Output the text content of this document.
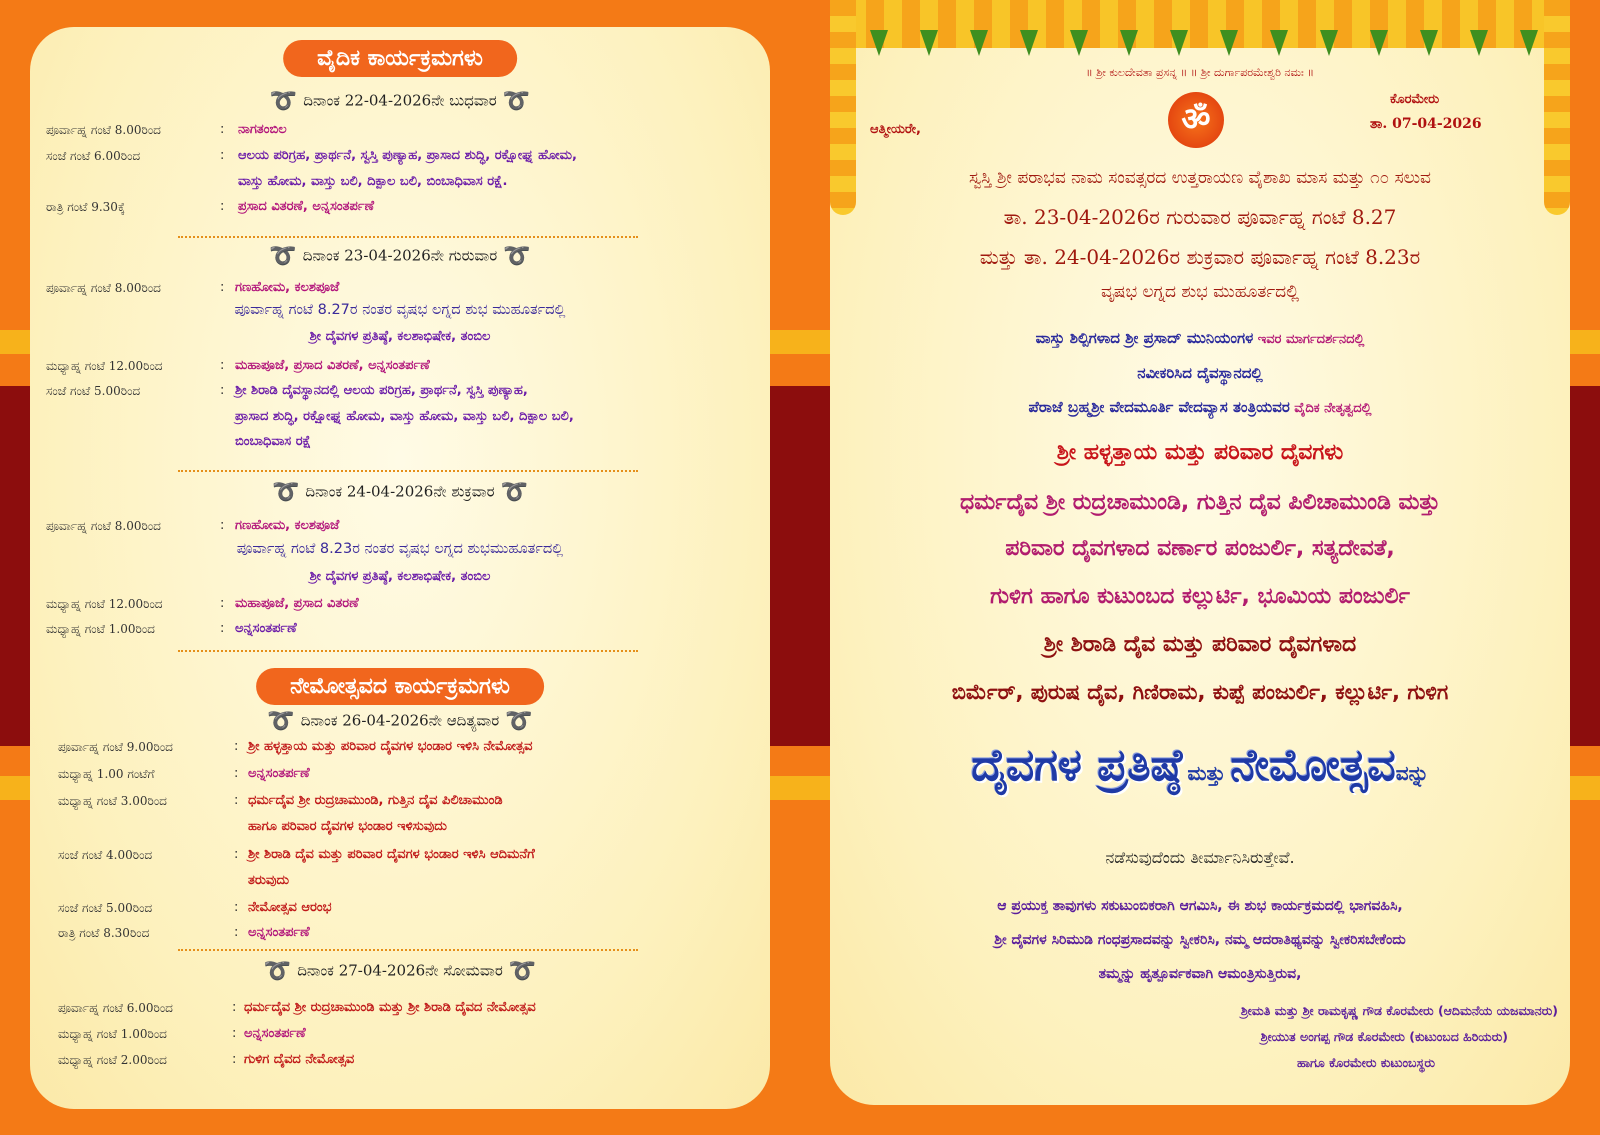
ವೈದಿಕ ಕಾರ್ಯಕ್ರಮಗಳು
➰ ದಿನಾಂಕ 22-04-2026ನೇ ಬುಧವಾರ ➰
ಪೂರ್ವಾಹ್ನ ಗಂಟೆ 8.00ರಿಂದ	: ನಾಗತಂಬಿಲ
ಸಂಜೆ ಗಂಟೆ 6.00ರಿಂದ	: ಆಲಯ ಪರಿಗ್ರಹ, ಪ್ರಾರ್ಥನೆ, ಸ್ವಸ್ತಿ ಪುಣ್ಯಾಹ, ಪ್ರಾಸಾದ ಶುದ್ಧಿ, ರಕ್ಷೋಘ್ನ ಹೋಮ,
ವಾಸ್ತು ಹೋಮ, ವಾಸ್ತು ಬಲಿ, ದಿಕ್ಪಾಲ ಬಲಿ, ಬಿಂಬಾಧಿವಾಸ ರಕ್ಷೆ.
ರಾತ್ರಿ ಗಂಟೆ 9.30ಕ್ಕೆ	: ಪ್ರಸಾದ ವಿತರಣೆ, ಅನ್ನಸಂತರ್ಪಣೆ
➰ ದಿನಾಂಕ 23-04-2026ನೇ ಗುರುವಾರ ➰
ಪೂರ್ವಾಹ್ನ ಗಂಟೆ 8.00ರಿಂದ	: ಗಣಹೋಮ, ಕಲಶಪೂಜೆ
ಪೂರ್ವಾಹ್ನ ಗಂಟೆ 8.27ರ ನಂತರ ವೃಷಭ ಲಗ್ನದ ಶುಭ ಮುಹೂರ್ತದಲ್ಲಿ
ಶ್ರೀ ದೈವಗಳ ಪ್ರತಿಷ್ಠೆ, ಕಲಶಾಭಿಷೇಕ, ತಂಬಿಲ
ಮಧ್ಯಾಹ್ನ ಗಂಟೆ 12.00ರಿಂದ	: ಮಹಾಪೂಜೆ, ಪ್ರಸಾದ ವಿತರಣೆ, ಅನ್ನಸಂತರ್ಪಣೆ
ಸಂಜೆ ಗಂಟೆ 5.00ರಿಂದ	: ಶ್ರೀ ಶಿರಾಡಿ ದೈವಸ್ಥಾನದಲ್ಲಿ ಆಲಯ ಪರಿಗ್ರಹ, ಪ್ರಾರ್ಥನೆ, ಸ್ವಸ್ತಿ ಪುಣ್ಯಾಹ,
ಪ್ರಾಸಾದ ಶುದ್ಧಿ, ರಕ್ಷೋಘ್ನ ಹೋಮ, ವಾಸ್ತು ಹೋಮ, ವಾಸ್ತು ಬಲಿ, ದಿಕ್ಪಾಲ ಬಲಿ,
ಬಿಂಬಾಧಿವಾಸ ರಕ್ಷೆ
➰ ದಿನಾಂಕ 24-04-2026ನೇ ಶುಕ್ರವಾರ ➰
ಪೂರ್ವಾಹ್ನ ಗಂಟೆ 8.00ರಿಂದ	: ಗಣಹೋಮ, ಕಲಶಪೂಜೆ
ಪೂರ್ವಾಹ್ನ ಗಂಟೆ 8.23ರ ನಂತರ ವೃಷಭ ಲಗ್ನದ ಶುಭಮುಹೂರ್ತದಲ್ಲಿ
ಶ್ರೀ ದೈವಗಳ ಪ್ರತಿಷ್ಠೆ, ಕಲಶಾಭಿಷೇಕ, ತಂಬಿಲ
ಮಧ್ಯಾಹ್ನ ಗಂಟೆ 12.00ರಿಂದ	: ಮಹಾಪೂಜೆ, ಪ್ರಸಾದ ವಿತರಣೆ
ಮಧ್ಯಾಹ್ನ ಗಂಟೆ 1.00ರಿಂದ	: ಅನ್ನಸಂತರ್ಪಣೆ
ನೇಮೋತ್ಸವದ ಕಾರ್ಯಕ್ರಮಗಳು
➰ ದಿನಾಂಕ 26-04-2026ನೇ ಆದಿತ್ಯವಾರ ➰
ಪೂರ್ವಾಹ್ನ ಗಂಟೆ 9.00ರಿಂದ	: ಶ್ರೀ ಹಳ್ಳತ್ತಾಯ ಮತ್ತು ಪರಿವಾರ ದೈವಗಳ ಭಂಡಾರ ಇಳಿಸಿ ನೇಮೋತ್ಸವ
ಮಧ್ಯಾಹ್ನ 1.00 ಗಂಟೆಗೆ	: ಅನ್ನಸಂತರ್ಪಣೆ
ಮಧ್ಯಾಹ್ನ ಗಂಟೆ 3.00ರಿಂದ	: ಧರ್ಮದೈವ ಶ್ರೀ ರುದ್ರಚಾಮುಂಡಿ, ಗುತ್ತಿನ ದೈವ ಪಿಲಿಚಾಮುಂಡಿ
ಹಾಗೂ ಪರಿವಾರ ದೈವಗಳ ಭಂಡಾರ ಇಳಿಸುವುದು
ಸಂಜೆ ಗಂಟೆ 4.00ರಿಂದ	: ಶ್ರೀ ಶಿರಾಡಿ ದೈವ ಮತ್ತು ಪರಿವಾರ ದೈವಗಳ ಭಂಡಾರ ಇಳಿಸಿ ಆದಿಮನೆಗೆ
ತರುವುದು
ಸಂಜೆ ಗಂಟೆ 5.00ರಿಂದ	: ನೇಮೋತ್ಸವ ಆರಂಭ
ರಾತ್ರಿ ಗಂಟೆ 8.30ರಿಂದ	: ಅನ್ನಸಂತರ್ಪಣೆ
➰ ದಿನಾಂಕ 27-04-2026ನೇ ಸೋಮವಾರ ➰
ಪೂರ್ವಾಹ್ನ ಗಂಟೆ 6.00ರಿಂದ	: ಧರ್ಮದೈವ ಶ್ರೀ ರುದ್ರಚಾಮುಂಡಿ ಮತ್ತು ಶ್ರೀ ಶಿರಾಡಿ ದೈವದ ನೇಮೋತ್ಸವ
ಮಧ್ಯಾಹ್ನ ಗಂಟೆ 1.00ರಿಂದ	: ಅನ್ನಸಂತರ್ಪಣೆ
ಮಧ್ಯಾಹ್ನ ಗಂಟೆ 2.00ರಿಂದ	: ಗುಳಿಗ ದೈವದ ನೇಮೋತ್ಸವ
॥ ಶ್ರೀ ಕುಲದೇವತಾ ಪ್ರಸನ್ನ ॥ ॥ ಶ್ರೀ ದುರ್ಗಾಪರಮೇಶ್ವರಿ ನಮಃ ॥
ॐ
ಕೊರಮೇರು
ತಾ. 07-04-2026
ಆತ್ಮೀಯರೇ,
ಸ್ವಸ್ತಿ ಶ್ರೀ ಪರಾಭವ ನಾಮ ಸಂವತ್ಸರದ ಉತ್ತರಾಯಣ ವೈಶಾಖ ಮಾಸ ಮತ್ತು ೧೦ ಸಲುವ
ತಾ. 23-04-2026ರ ಗುರುವಾರ ಪೂರ್ವಾಹ್ನ ಗಂಟೆ 8.27
ಮತ್ತು ತಾ. 24-04-2026ರ ಶುಕ್ರವಾರ ಪೂರ್ವಾಹ್ನ ಗಂಟೆ 8.23ರ
ವೃಷಭ ಲಗ್ನದ ಶುಭ ಮುಹೂರ್ತದಲ್ಲಿ
ವಾಸ್ತು ಶಿಲ್ಪಿಗಳಾದ ಶ್ರೀ ಪ್ರಸಾದ್ ಮುನಿಯಂಗಳ ಇವರ ಮಾರ್ಗದರ್ಶನದಲ್ಲಿ
ನವೀಕರಿಸಿದ ದೈವಸ್ಥಾನದಲ್ಲಿ
ಪೆರಾಜೆ ಬ್ರಹ್ಮಶ್ರೀ ವೇದಮೂರ್ತಿ ವೇದವ್ಯಾಸ ತಂತ್ರಿಯವರ ವೈದಿಕ ನೇತೃತ್ವದಲ್ಲಿ
ಶ್ರೀ ಹಳ್ಳತ್ತಾಯ ಮತ್ತು ಪರಿವಾರ ದೈವಗಳು
ಧರ್ಮದೈವ ಶ್ರೀ ರುದ್ರಚಾಮುಂಡಿ, ಗುತ್ತಿನ ದೈವ ಪಿಲಿಚಾಮುಂಡಿ ಮತ್ತು
ಪರಿವಾರ ದೈವಗಳಾದ ವರ್ಣಾರ ಪಂಜುರ್ಲಿ, ಸತ್ಯದೇವತೆ,
ಗುಳಿಗ ಹಾಗೂ ಕುಟುಂಬದ ಕಲ್ಲುರ್ಟಿ, ಭೂಮಿಯ ಪಂಜುರ್ಲಿ
ಶ್ರೀ ಶಿರಾಡಿ ದೈವ ಮತ್ತು ಪರಿವಾರ ದೈವಗಳಾದ
ಬಿರ್ಮೆರ್, ಪುರುಷ ದೈವ, ಗಿಣಿರಾಮ, ಕುಪ್ಪೆ ಪಂಜುರ್ಲಿ, ಕಲ್ಲುರ್ಟಿ, ಗುಳಿಗ
ದೈವಗಳ ಪ್ರತಿಷ್ಠೆ ಮತ್ತು ನೇಮೋತ್ಸವವನ್ನು
ನಡೆಸುವುದೆಂದು ತೀರ್ಮಾನಿಸಿರುತ್ತೇವೆ.
ಆ ಪ್ರಯುಕ್ತ ತಾವುಗಳು ಸಕುಟುಂಬಿಕರಾಗಿ ಆಗಮಿಸಿ, ಈ ಶುಭ ಕಾರ್ಯಕ್ರಮದಲ್ಲಿ ಭಾಗವಹಿಸಿ,
ಶ್ರೀ ದೈವಗಳ ಸಿರಿಮುಡಿ ಗಂಧಪ್ರಸಾದವನ್ನು ಸ್ವೀಕರಿಸಿ, ನಮ್ಮ ಆದರಾತಿಥ್ಯವನ್ನು ಸ್ವೀಕರಿಸಬೇಕೆಂದು
ತಮ್ಮನ್ನು ಹೃತ್ಪೂರ್ವಕವಾಗಿ ಆಮಂತ್ರಿಸುತ್ತಿರುವ,
ಶ್ರೀಮತಿ ಮತ್ತು ಶ್ರೀ ರಾಮಕೃಷ್ಣ ಗೌಡ ಕೊರಮೇರು (ಆದಿಮನೆಯ ಯಜಮಾನರು)
ಶ್ರೀಯುತ ಅಂಗಪ್ಪ ಗೌಡ ಕೊರಮೇರು (ಕುಟುಂಬದ ಹಿರಿಯರು)
ಹಾಗೂ ಕೊರಮೇರು ಕುಟುಂಬಸ್ಥರು
